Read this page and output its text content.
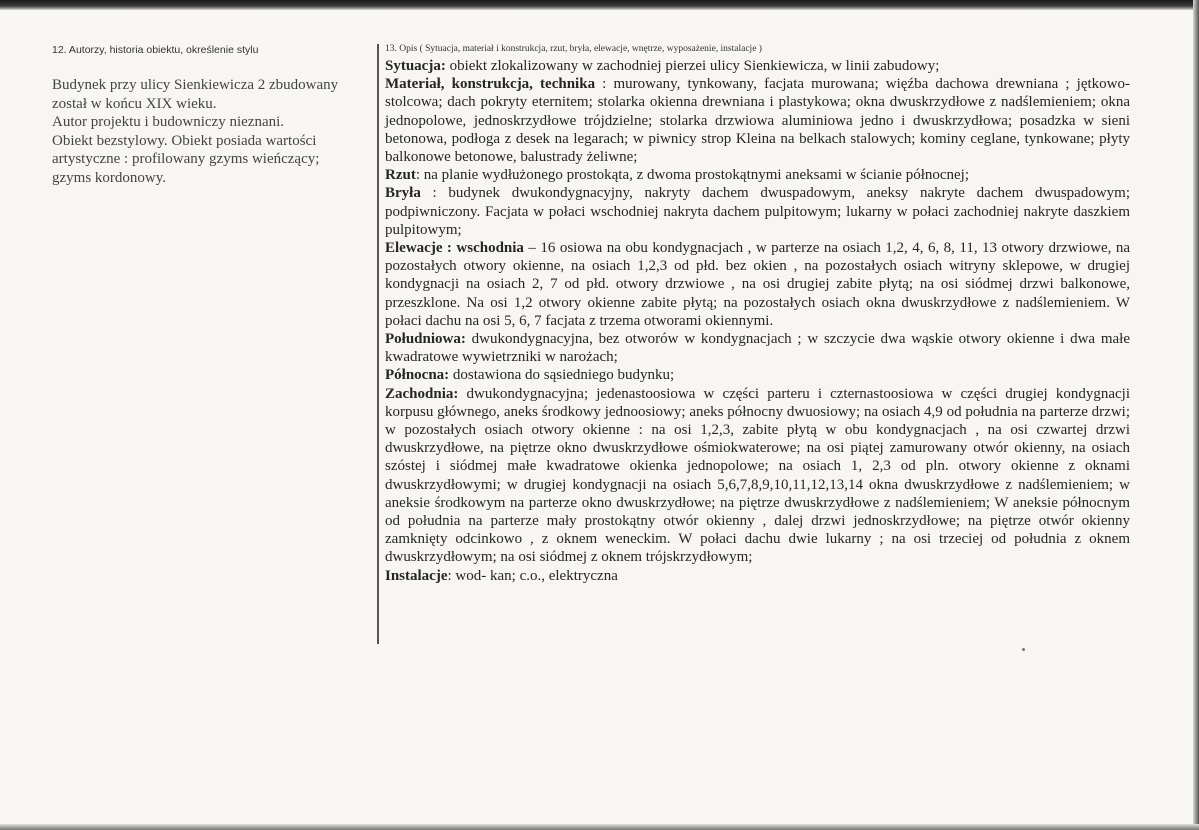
12. Autorzy, historia obiektu, określenie stylu

Budynek przy ulicy Sienkiewicza 2 zbudowany
został w końcu XIX wieku.
Autor projektu i budowniczy nieznani.
Obiekt bezstylowy. Obiekt posiada wartości
artystyczne : profilowany gzyms wieńczący;
gzyms kordonowy.

13. Opis ( Sytuacja, materiał i konstrukcja, rzut, bryła, elewacje, wnętrze, wyposażenie, instalacje )

Sytuacja: obiekt zlokalizowany w zachodniej pierzei ulicy Sienkiewicza, w linii zabudowy;
Materiał, konstrukcja, technika : murowany, tynkowany, facjata murowana; więźba dachowa drewniana ; jętkowo- stolcowa; dach pokryty eternitem; stolarka okienna drewniana i plastykowa; okna dwuskrzydłowe z nadślemieniem; okna jednopolowe, jednoskrzydłowe trójdzielne; stolarka drzwiowa aluminiowa jedno i dwuskrzydłowa; posadzka w sieni betonowa, podłoga z desek na legarach; w piwnicy strop Kleina na belkach stalowych; kominy ceglane, tynkowane; płyty balkonowe betonowe, balustrady żeliwne;
Rzut: na planie wydłużonego prostokąta, z dwoma prostokątnymi aneksami w ścianie północnej;
Bryła : budynek dwukondygnacyjny, nakryty dachem dwuspadowym, aneksy nakryte dachem dwuspadowym; podpiwniczony. Facjata w połaci wschodniej nakryta dachem pulpitowym; lukarny w połaci zachodniej nakryte daszkiem pulpitowym;
Elewacje : wschodnia – 16 osiowa na obu kondygnacjach , w parterze na osiach 1,2, 4, 6, 8, 11, 13 otwory drzwiowe, na pozostałych otwory okienne, na osiach 1,2,3 od płd. bez okien , na pozostałych osiach witryny sklepowe, w drugiej kondygnacji na osiach 2, 7 od płd. otwory drzwiowe , na osi drugiej zabite płytą; na osi siódmej drzwi balkonowe, przeszklone. Na osi 1,2 otwory okienne zabite płytą; na pozostałych osiach okna dwuskrzydłowe z nadślemieniem. W połaci dachu na osi 5, 6, 7 facjata z trzema otworami okiennymi.
Południowa: dwukondygnacyjna, bez otworów w kondygnacjach ; w szczycie dwa wąskie otwory okienne i dwa małe kwadratowe wywietrzniki w narożach;
Północna: dostawiona do sąsiedniego budynku;
Zachodnia: dwukondygnacyjna; jedenastoosiowa w części parteru i czternastoosiowa w części drugiej kondygnacji korpusu głównego, aneks środkowy jednoosiowy; aneks północny dwuosiowy; na osiach 4,9 od południa na parterze drzwi; w pozostałych osiach otwory okienne : na osi 1,2,3, zabite płytą w obu kondygnacjach , na osi czwartej drzwi dwuskrzydłowe, na piętrze okno dwuskrzydłowe ośmiokwaterowe; na osi piątej zamurowany otwór okienny, na osiach szóstej i siódmej małe kwadratowe okienka jednopolowe; na osiach 1, 2,3 od pln. otwory okienne z oknami dwuskrzydłowymi; w drugiej kondygnacji na osiach 5,6,7,8,9,10,11,12,13,14 okna dwuskrzydłowe z nadślemieniem; w aneksie środkowym na parterze okno dwuskrzydłowe; na piętrze dwuskrzydłowe z nadślemieniem; W aneksie północnym od południa na parterze mały prostokątny otwór okienny , dalej drzwi jednoskrzydłowe; na piętrze otwór okienny zamknięty odcinkowo , z oknem weneckim. W połaci dachu dwie lukarny ; na osi trzeciej od południa z oknem dwuskrzydłowym; na osi siódmej z oknem trójskrzydłowym;
Instalacje: wod- kan; c.o., elektryczna
